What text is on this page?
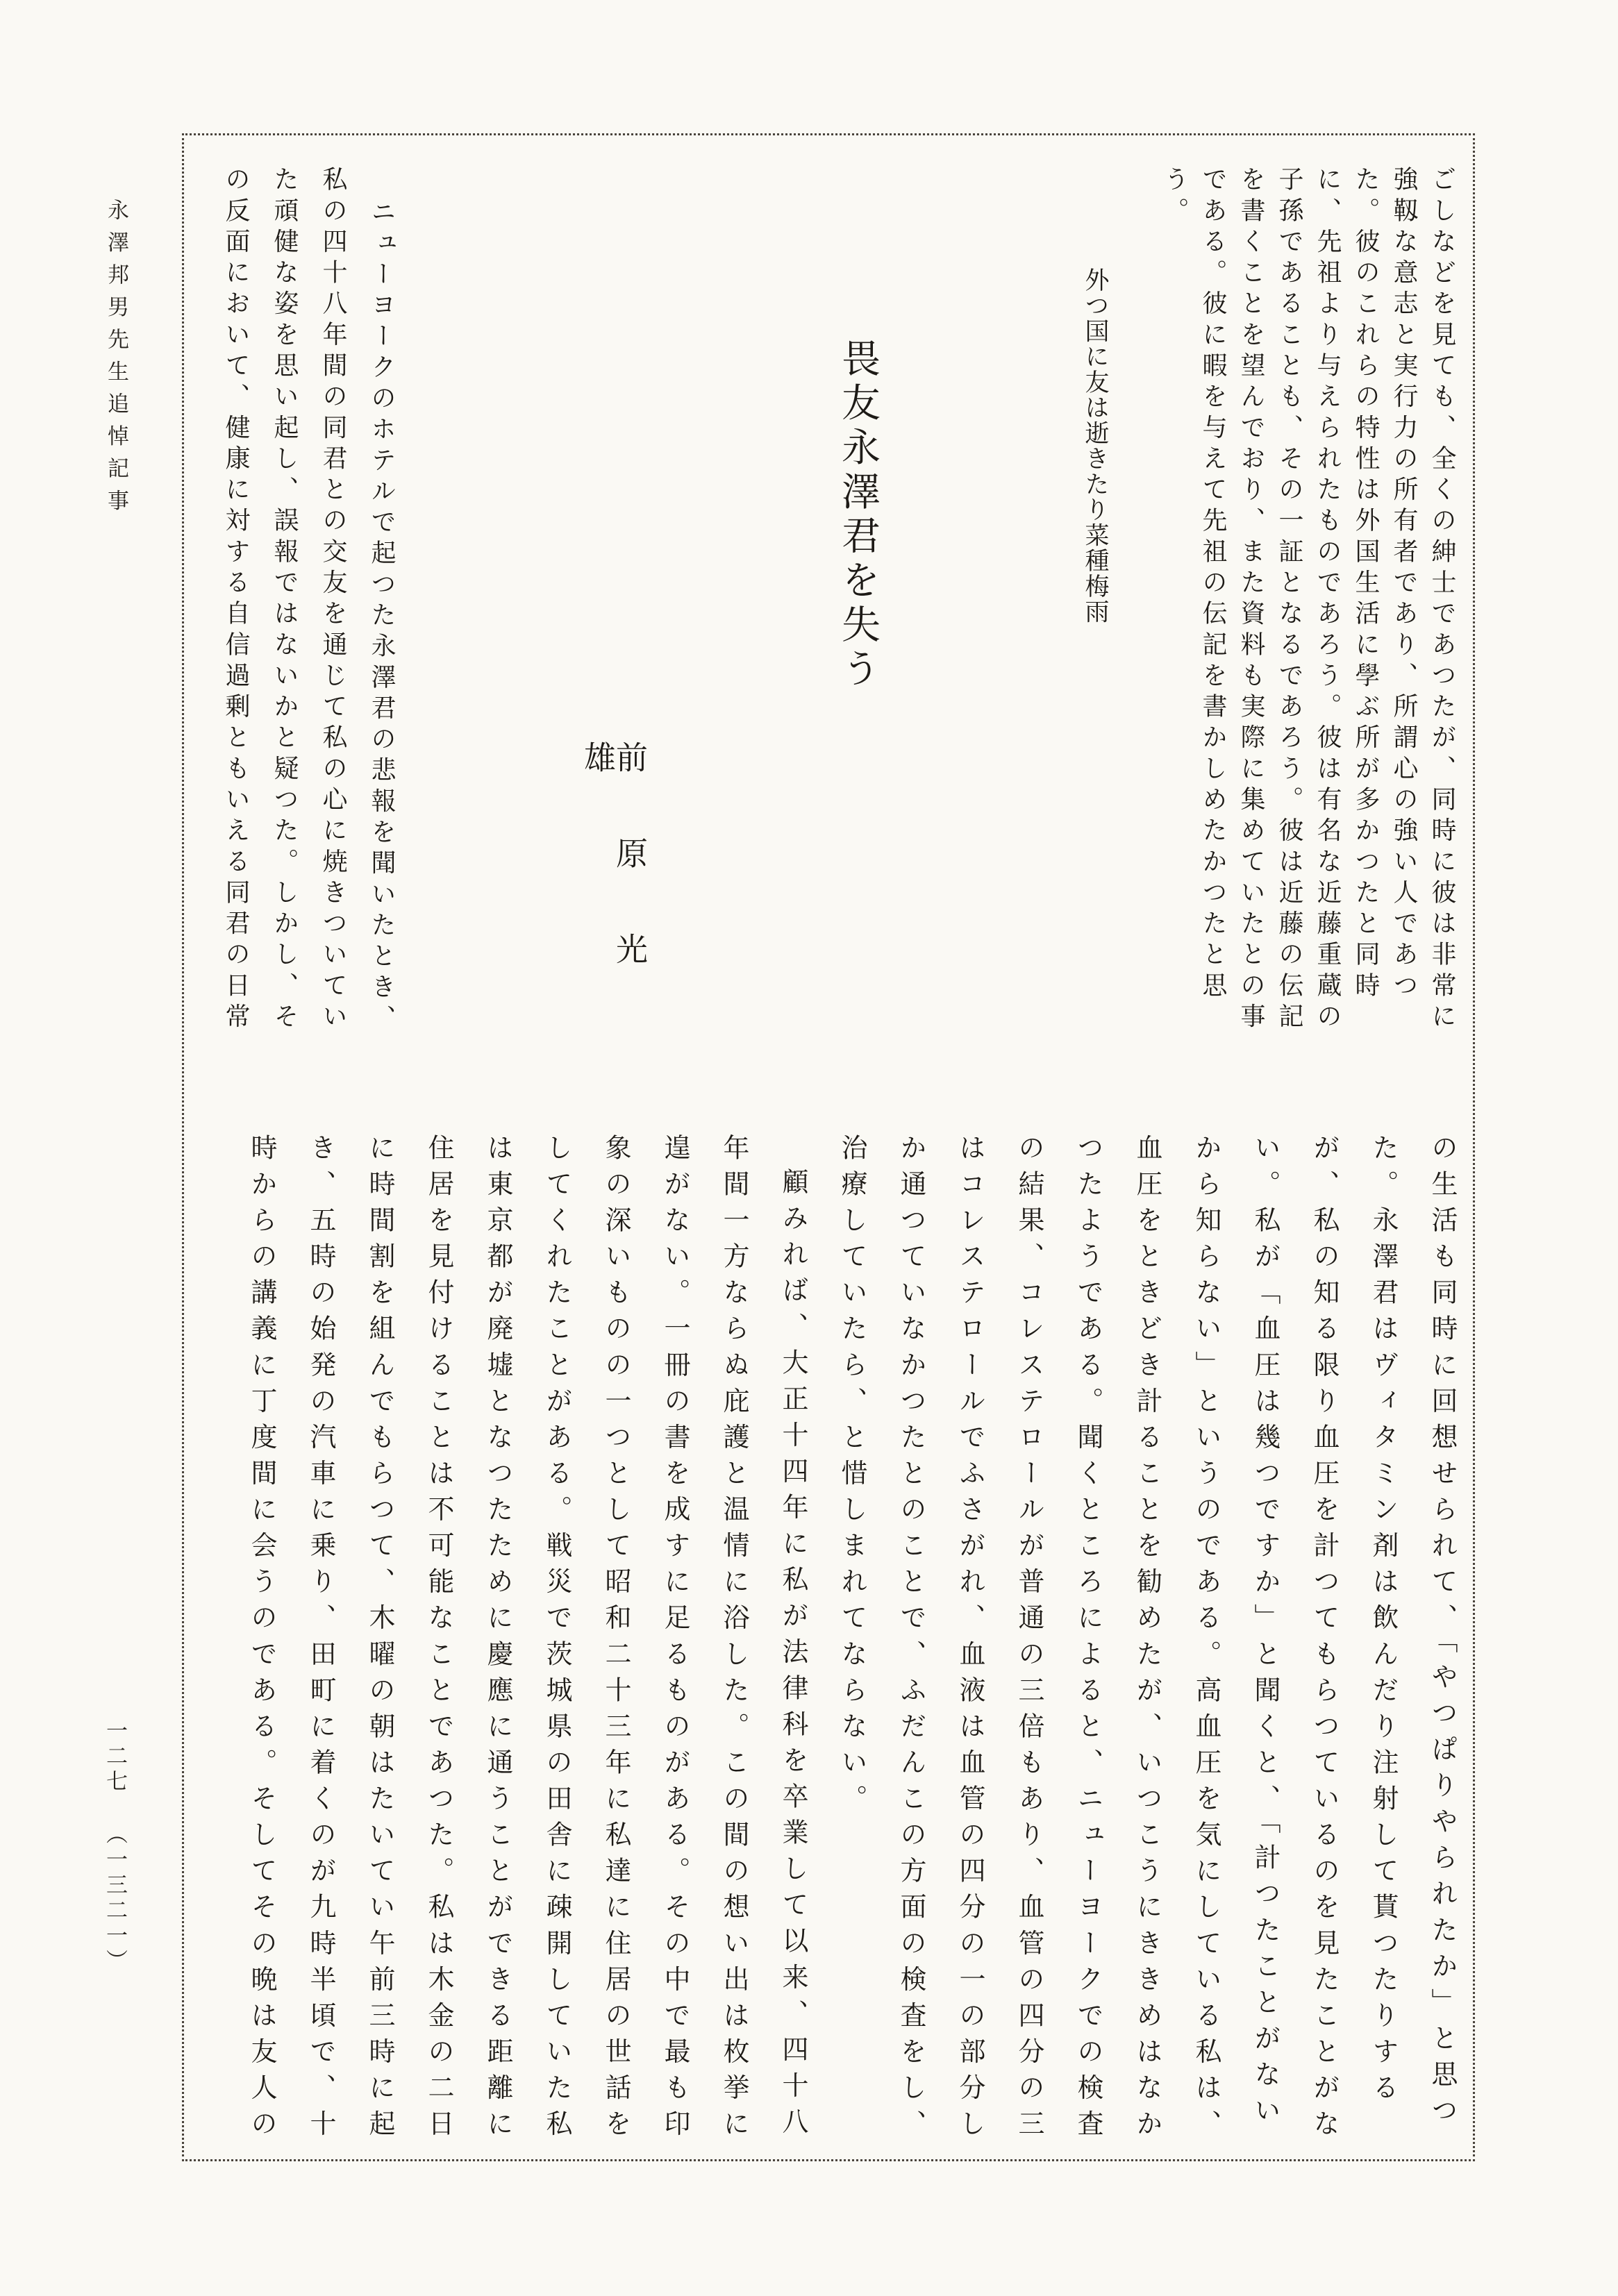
永澤邦男先生追悼記事
一二七 （一三二一）
ごしなどを見ても、全くの紳士であつたが、同時に彼は非常に
強靱な意志と実行力の所有者であり、所謂心の強い人であつ
た。彼のこれらの特性は外国生活に學ぶ所が多かつたと同時
に、先祖より与えられたものであろう。彼は有名な近藤重蔵の
子孫であることも、その一証となるであろう。彼は近藤の伝記
を書くことを望んでおり、また資料も実際に集めていたとの事
である。彼に暇を与えて先祖の伝記を書かしめたかつたと思
う。
外つ国に友は逝きたり菜種梅雨
畏友永澤君を失う
前原光雄
ニューヨークのホテルで起つた永澤君の悲報を聞いたとき、
私の四十八年間の同君との交友を通じて私の心に焼きついてい
た頑健な姿を思い起し、誤報ではないかと疑つた。しかし、そ
の反面において、健康に対する自信過剰ともいえる同君の日常
の生活も同時に回想せられて、「やつぱりやられたか」と思つ
た。永澤君はヴィタミン剤は飲んだり注射して貰つたりする
が、私の知る限り血圧を計つてもらつているのを見たことがな
い。私が「血圧は幾つですか」と聞くと、「計つたことがない
から知らない」というのである。高血圧を気にしている私は、
血圧をときどき計ることを勧めたが、いつこうにききめはなか
つたようである。聞くところによると、ニューヨークでの検査
の結果、コレステロールが普通の三倍もあり、血管の四分の三
はコレステロールでふさがれ、血液は血管の四分の一の部分し
か通つていなかつたとのことで、ふだんこの方面の検査をし、
治療していたら、と惜しまれてならない。
顧みれば、大正十四年に私が法律科を卒業して以来、四十八
年間一方ならぬ庇護と温情に浴した。この間の想い出は枚挙に
遑がない。一冊の書を成すに足るものがある。その中で最も印
象の深いものの一つとして昭和二十三年に私達に住居の世話を
してくれたことがある。戦災で茨城県の田舎に疎開していた私
は東京都が廃墟となつたために慶應に通うことができる距離に
住居を見付けることは不可能なことであつた。私は木金の二日
に時間割を組んでもらつて、木曜の朝はたいてい午前三時に起
き、五時の始発の汽車に乗り、田町に着くのが九時半頃で、十
時からの講義に丁度間に会うのである。そしてその晩は友人の
